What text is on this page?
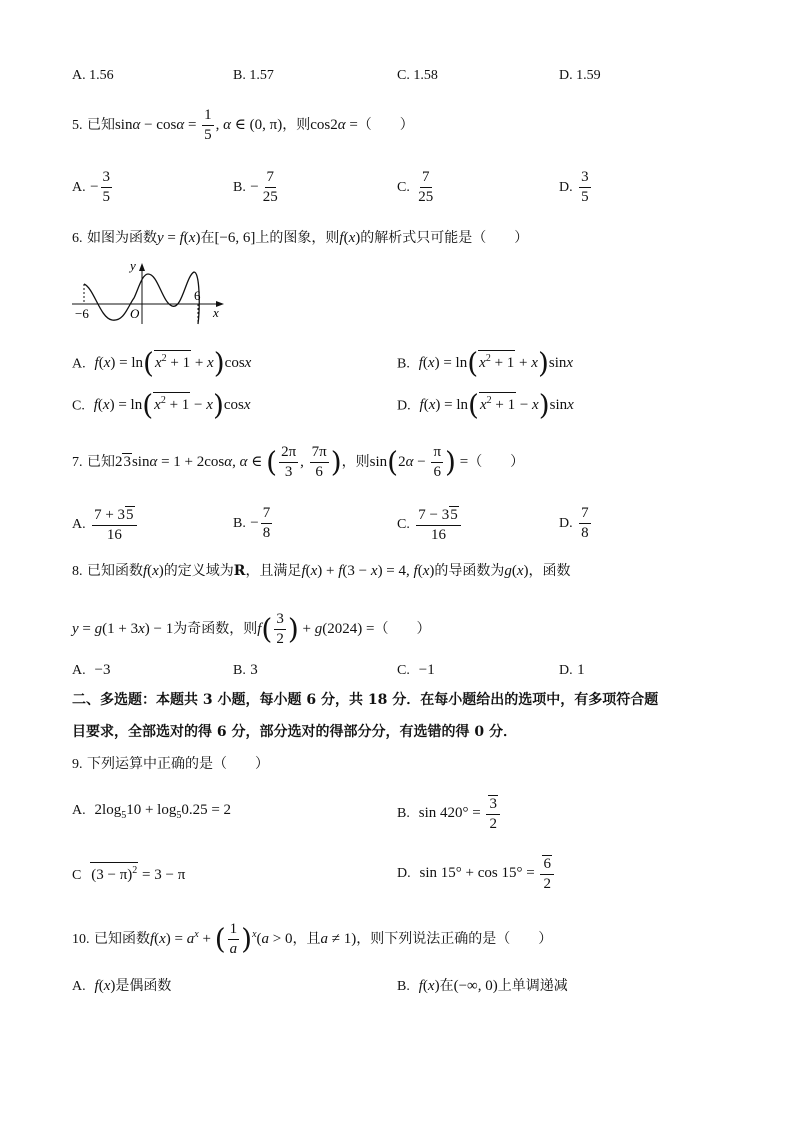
A. 1.56	B. 1.57	C. 1.58	D. 1.59
5. 已知$\sin\alpha - \cos\alpha = \frac{1}{5}$ , α ∈ (0, π)，则cos2α =（　　）
A. − $\frac{3}{5}$	B. − $\frac{7}{25}$	C. $\frac{7}{25}$	D. $\frac{3}{5}$
6. 如图为函数y = f(x)在[−6, 6]上的图象，则f(x)的解析式只可能是（　　）
y
x
O
−6
6
A. $f(x) = \ln(x^2 + 1 + x)\cos x$	B. $f(x) = \ln(x^2 + 1 + x)\sin x$
C. $f(x) = \ln(x^2 + 1 - x)\cos x$	D. $f(x) = \ln(x^2 + 1 - x)\sin x$
7. 已知23sinα = 1 + 2cosα, α ∈ ( $\frac{2\pi}{3}$ , $\frac{7\pi}{6}$ )，则$\sin(2\alpha - \frac{\pi}{6}$ ) =（　　）
A. $\frac{7 + 35}{16}$	B. − $\frac{7}{8}$	C. $\frac{7 - 35}{16}$	D. $\frac{7}{8}$
8. 已知函数f(x)的定义域为R，且满足f(x) + f(3 − x) = 4, f(x)的导函数为g(x)，函数
y = g(1 + 3x) − 1为奇函数，则$f( \frac{3}{2}$ ) + g(2024) =（　　）
A. −3	B. 3	C. −1	D. 1
二、多选题：本题共 3 小题，每小题 6 分，共 18 分．在每小题给出的选项中，有多项符合题
目要求，全部选对的得 6 分，部分选对的得部分分，有选错的得 0 分．
9. 下列运算中正确的是（　　）
A. $2\log_510 + \log_50.25 = 2$	B. $\sin 420^\circ = \frac{3}{2}$
C $(3 - \pi)^2 = 3 - \pi$	D. $\sin 15^\circ + \cos 15^\circ = \frac{6}{2}$
10. 已知函数$f(x) = a^x$ + ( $\frac{1}{a} )^x(a > 0$，且a ≠ 1)，则下列说法正确的是（　　）
A. f(x)是偶函数	B. f(x)在(−∞, 0)上单调递减
